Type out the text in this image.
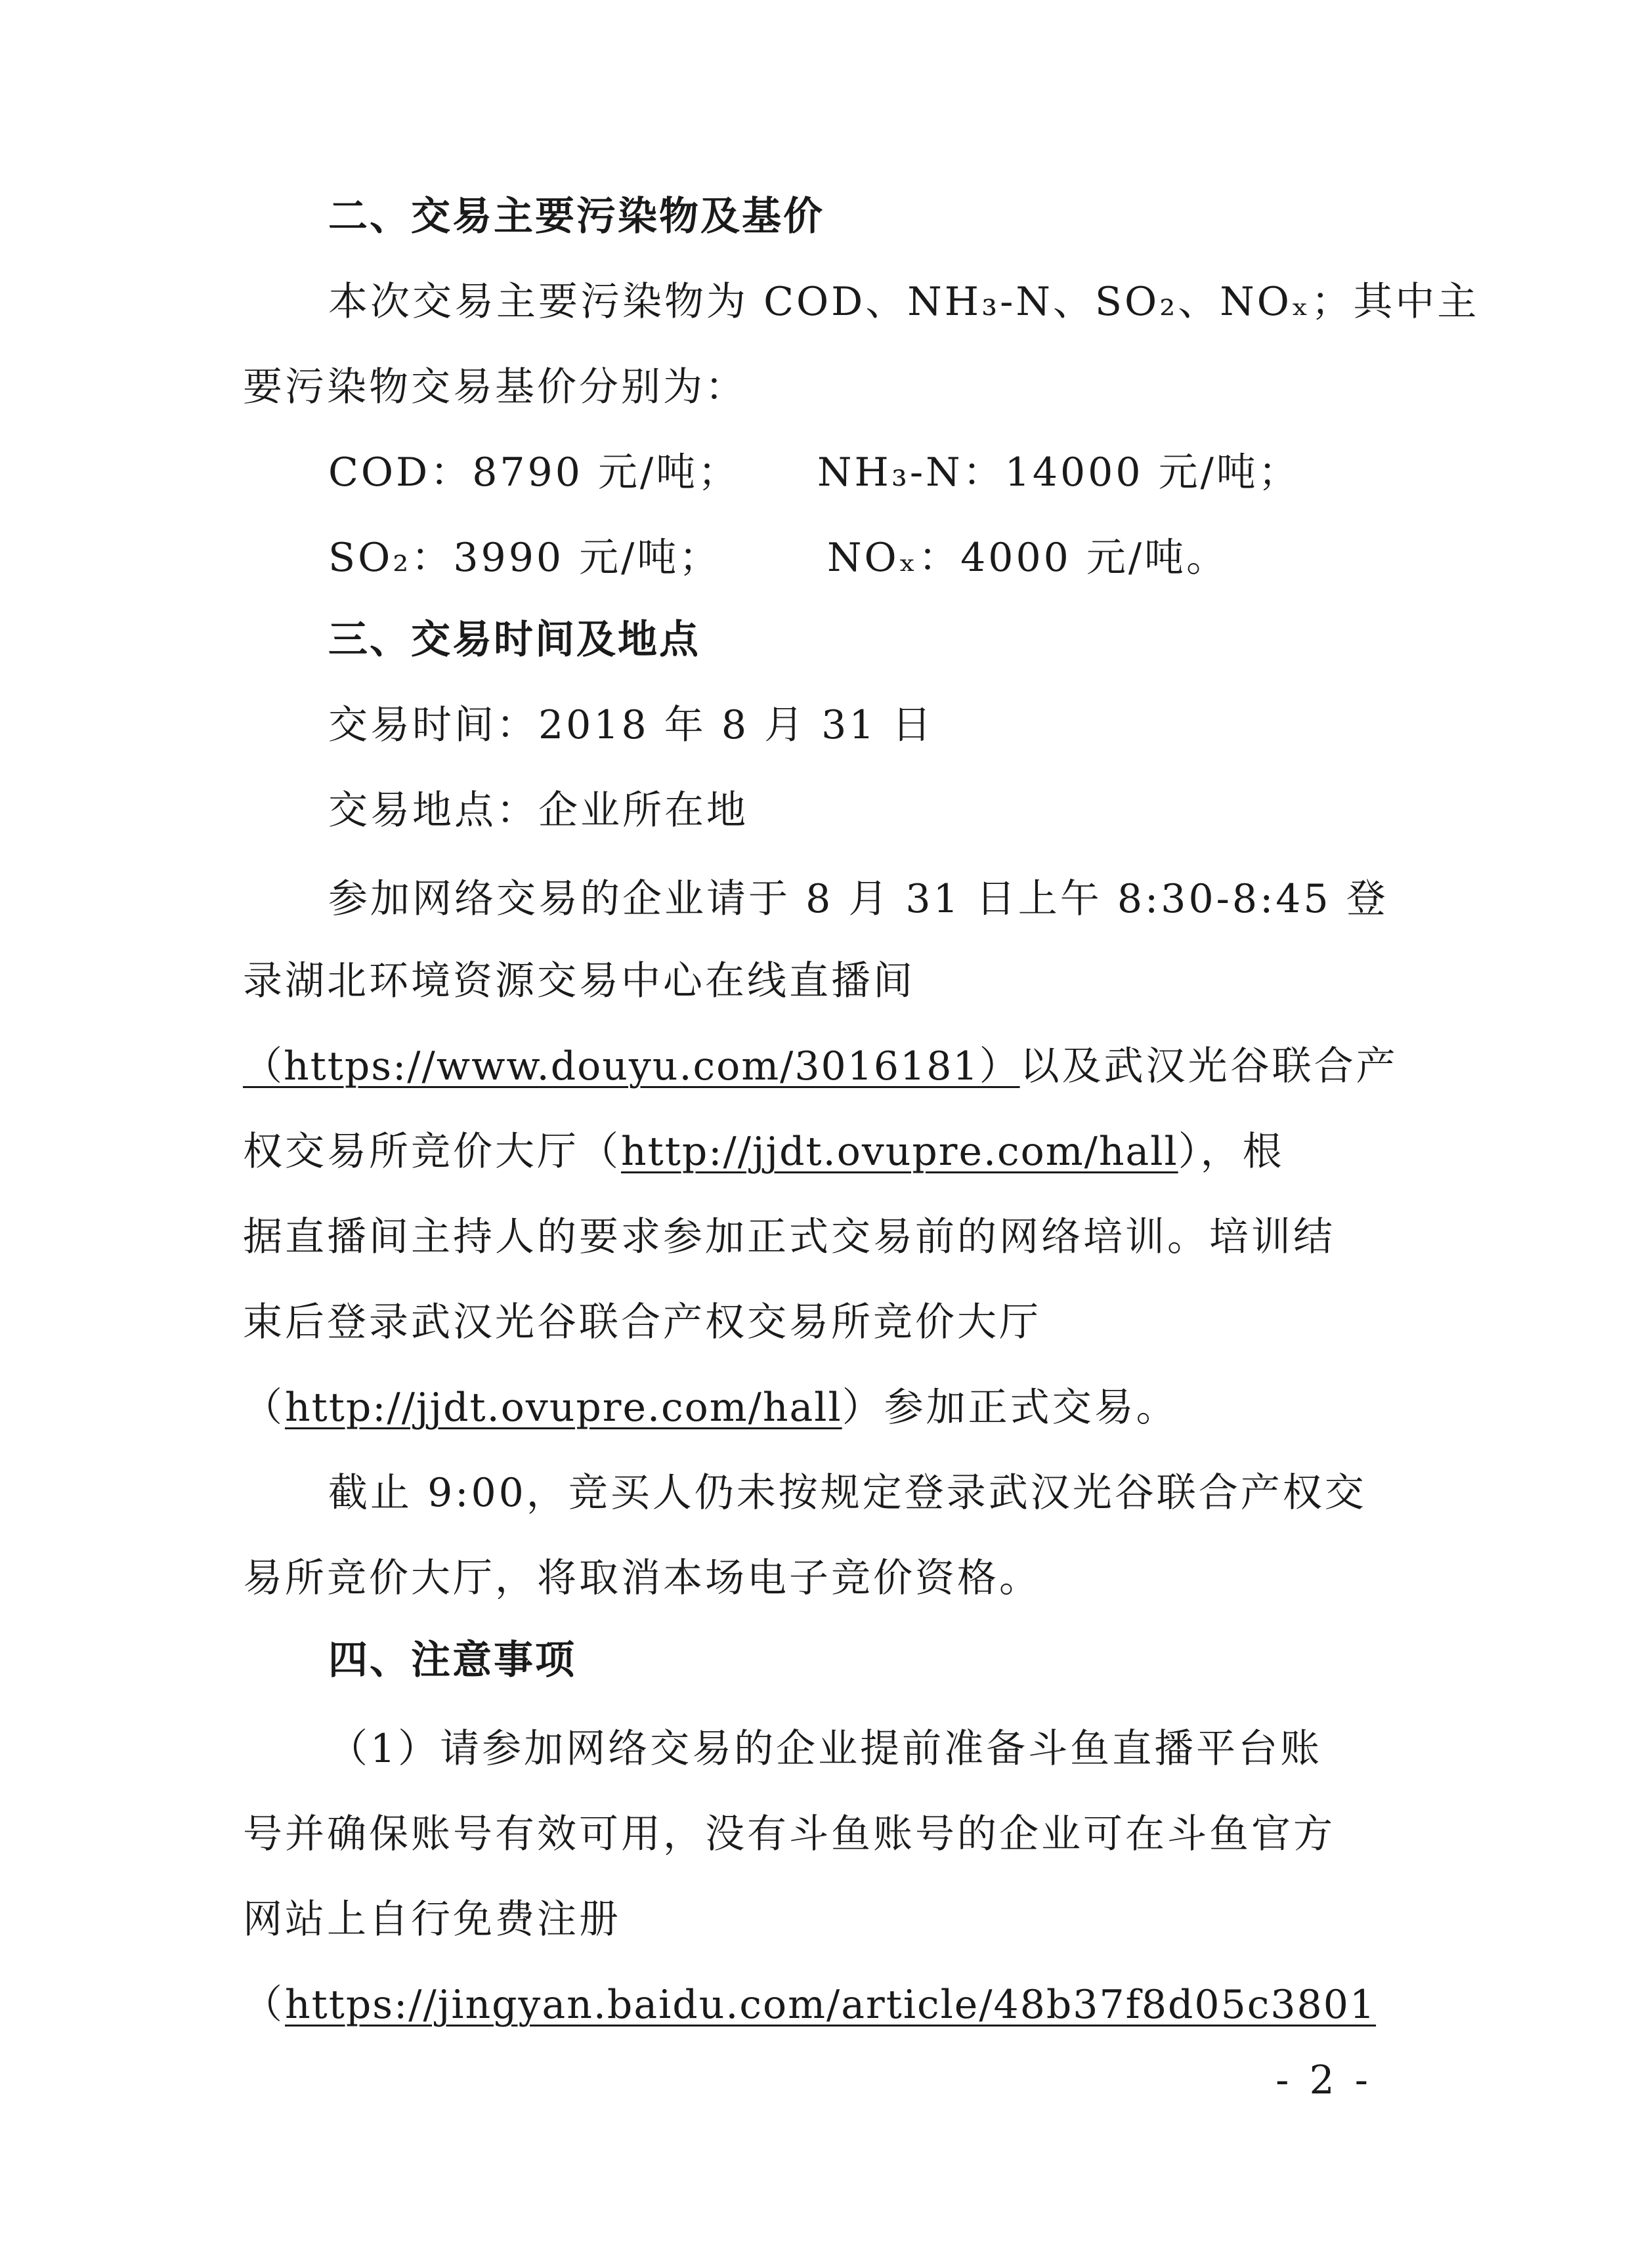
二、交易主要污染物及基价
本次交易主要污染物为 COD、NH₃-N、SO₂、NOₓ；其中主
要污染物交易基价分别为：
COD：8790 元/吨； NH₃-N：14000 元/吨；
SO₂：3990 元/吨；	NOₓ：4000 元/吨。
三、交易时间及地点
交易时间：2018 年 8 月 31 日
交易地点：企业所在地
参加网络交易的企业请于 8 月 31 日上午 8:30-8:45 登
录湖北环境资源交易中心在线直播间
（https://www.douyu.com/3016181）以及武汉光谷联合产
权交易所竞价大厅（http://jjdt.ovupre.com/hall），根
据直播间主持人的要求参加正式交易前的网络培训。培训结
束后登录武汉光谷联合产权交易所竞价大厅
（http://jjdt.ovupre.com/hall）参加正式交易。
截止 9:00，竞买人仍未按规定登录武汉光谷联合产权交
易所竞价大厅，将取消本场电子竞价资格。
四、注意事项
（1）请参加网络交易的企业提前准备斗鱼直播平台账
号并确保账号有效可用，没有斗鱼账号的企业可在斗鱼官方
网站上自行免费注册
（https://jingyan.baidu.com/article/48b37f8d05c3801
- 2 -
